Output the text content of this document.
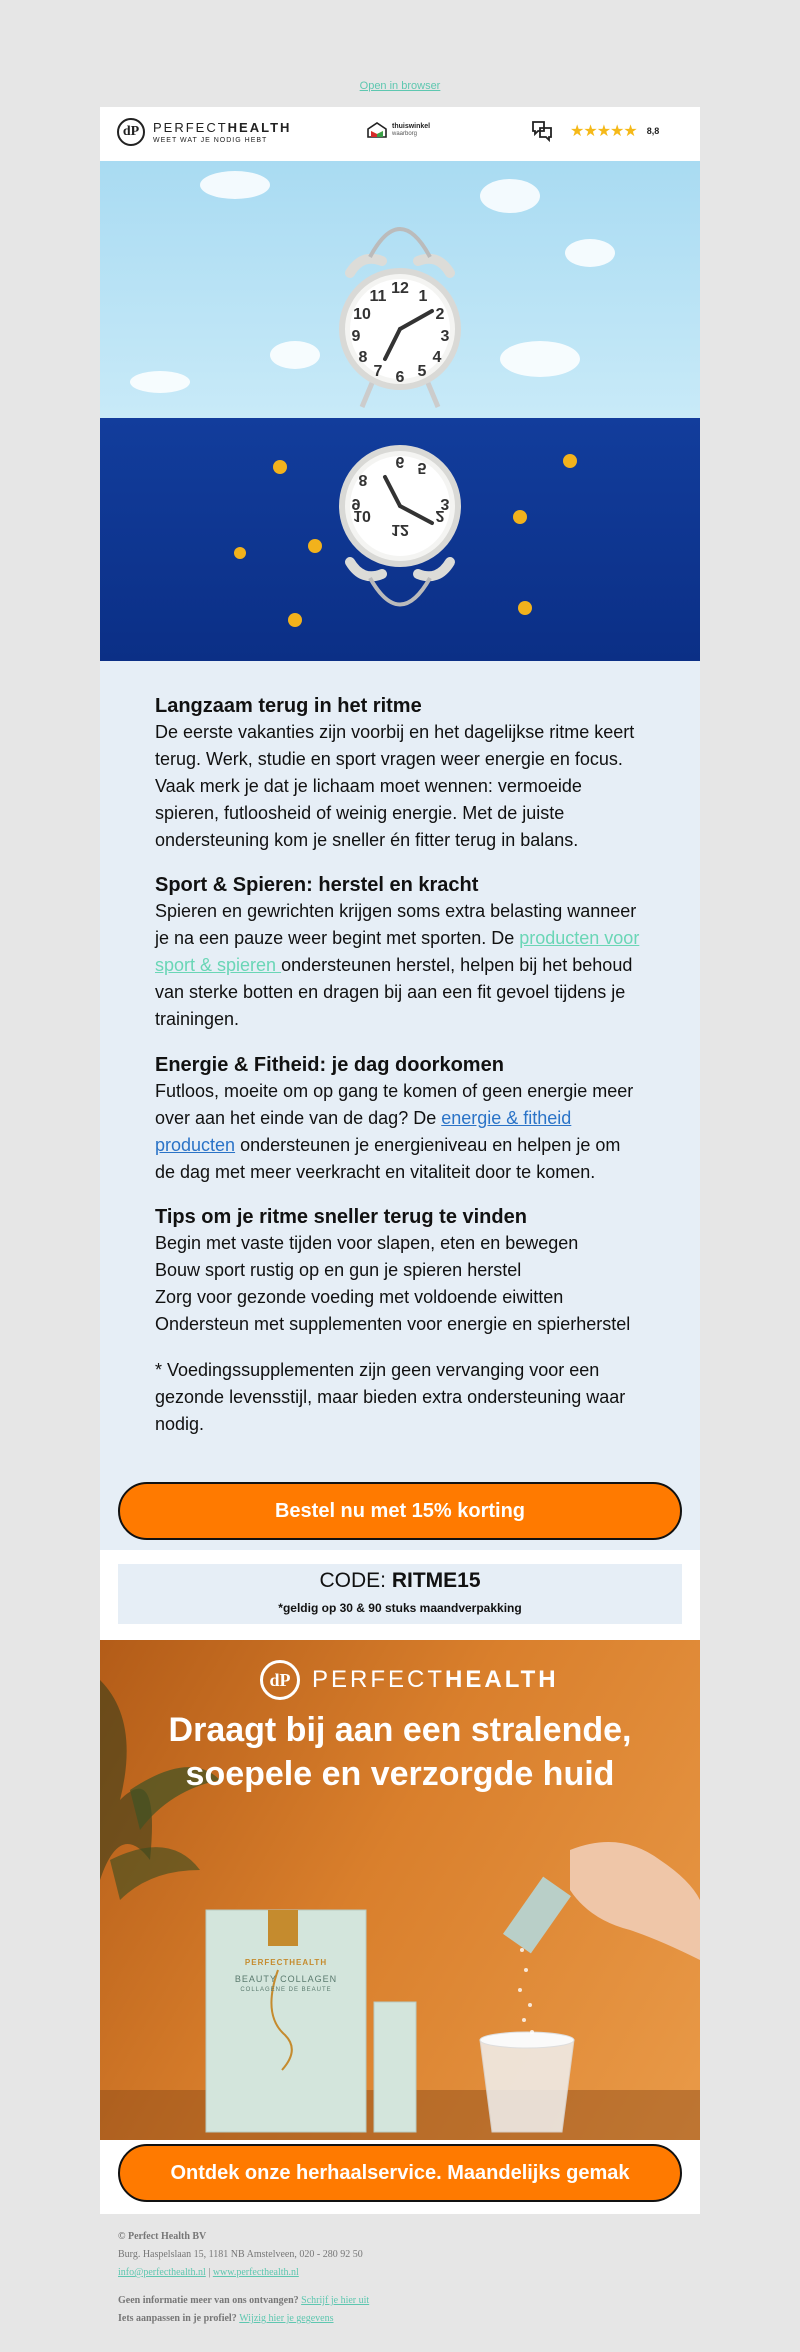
Open in browser
dP	PERFECTHEALTH
WEET WAT JE NODIG HEBT
thuiswinkel
waarborg	★★★★★ 8,8
12 1
2
3
4
5
6
7
8
9
10
11
12
2
3
5
6
8
9
10
Langzaam terug in het ritme

De eerste vakanties zijn voorbij en het dagelijkse ritme keert terug. Werk, studie en sport vragen weer energie en focus. Vaak merk je dat je lichaam moet wennen: vermoeide spieren, futloosheid of weinig energie. Met de juiste ondersteuning kom je sneller én fitter terug in balans.

Sport & Spieren: herstel en kracht

Spieren en gewrichten krijgen soms extra belasting wanneer je na een pauze weer begint met sporten. De producten voor sport & spieren ondersteunen herstel, helpen bij het behoud van sterke botten en dragen bij aan een fit gevoel tijdens je trainingen.

Energie & Fitheid: je dag doorkomen

Futloos, moeite om op gang te komen of geen energie meer over aan het einde van de dag? De energie & fitheid producten ondersteunen je energieniveau en helpen je om de dag met meer veerkracht en vitaliteit door te komen.

Tips om je ritme sneller terug te vinden
Begin met vaste tijden voor slapen, eten en bewegen
Bouw sport rustig op en gun je spieren herstel
Zorg voor gezonde voeding met voldoende eiwitten
Ondersteun met supplementen voor energie en spierherstel

* Voedingssupplementen zijn geen vervanging voor een gezonde levensstijl, maar bieden extra ondersteuning waar nodig.

Bestel nu met 15% korting
CODE: RITME15
*geldig op 30 & 90 stuks maandverpakking
dP PERFECTHEALTH
Draagt bij aan een stralende,
soepele en verzorgde huid
PERFECTHEALTH
BEAUTY COLLAGEN
COLLAGENE DE BEAUTE
Ontdek onze herhaalservice. Maandelijks gemak
© Perfect Health BV
Burg. Haspelslaan 15, 1181 NB Amstelveen, 020 - 280 92 50
info@perfecthealth.nl | www.perfecthealth.nl
Geen informatie meer van ons ontvangen? Schrijf je hier uit
Iets aanpassen in je profiel? Wijzig hier je gegevens
